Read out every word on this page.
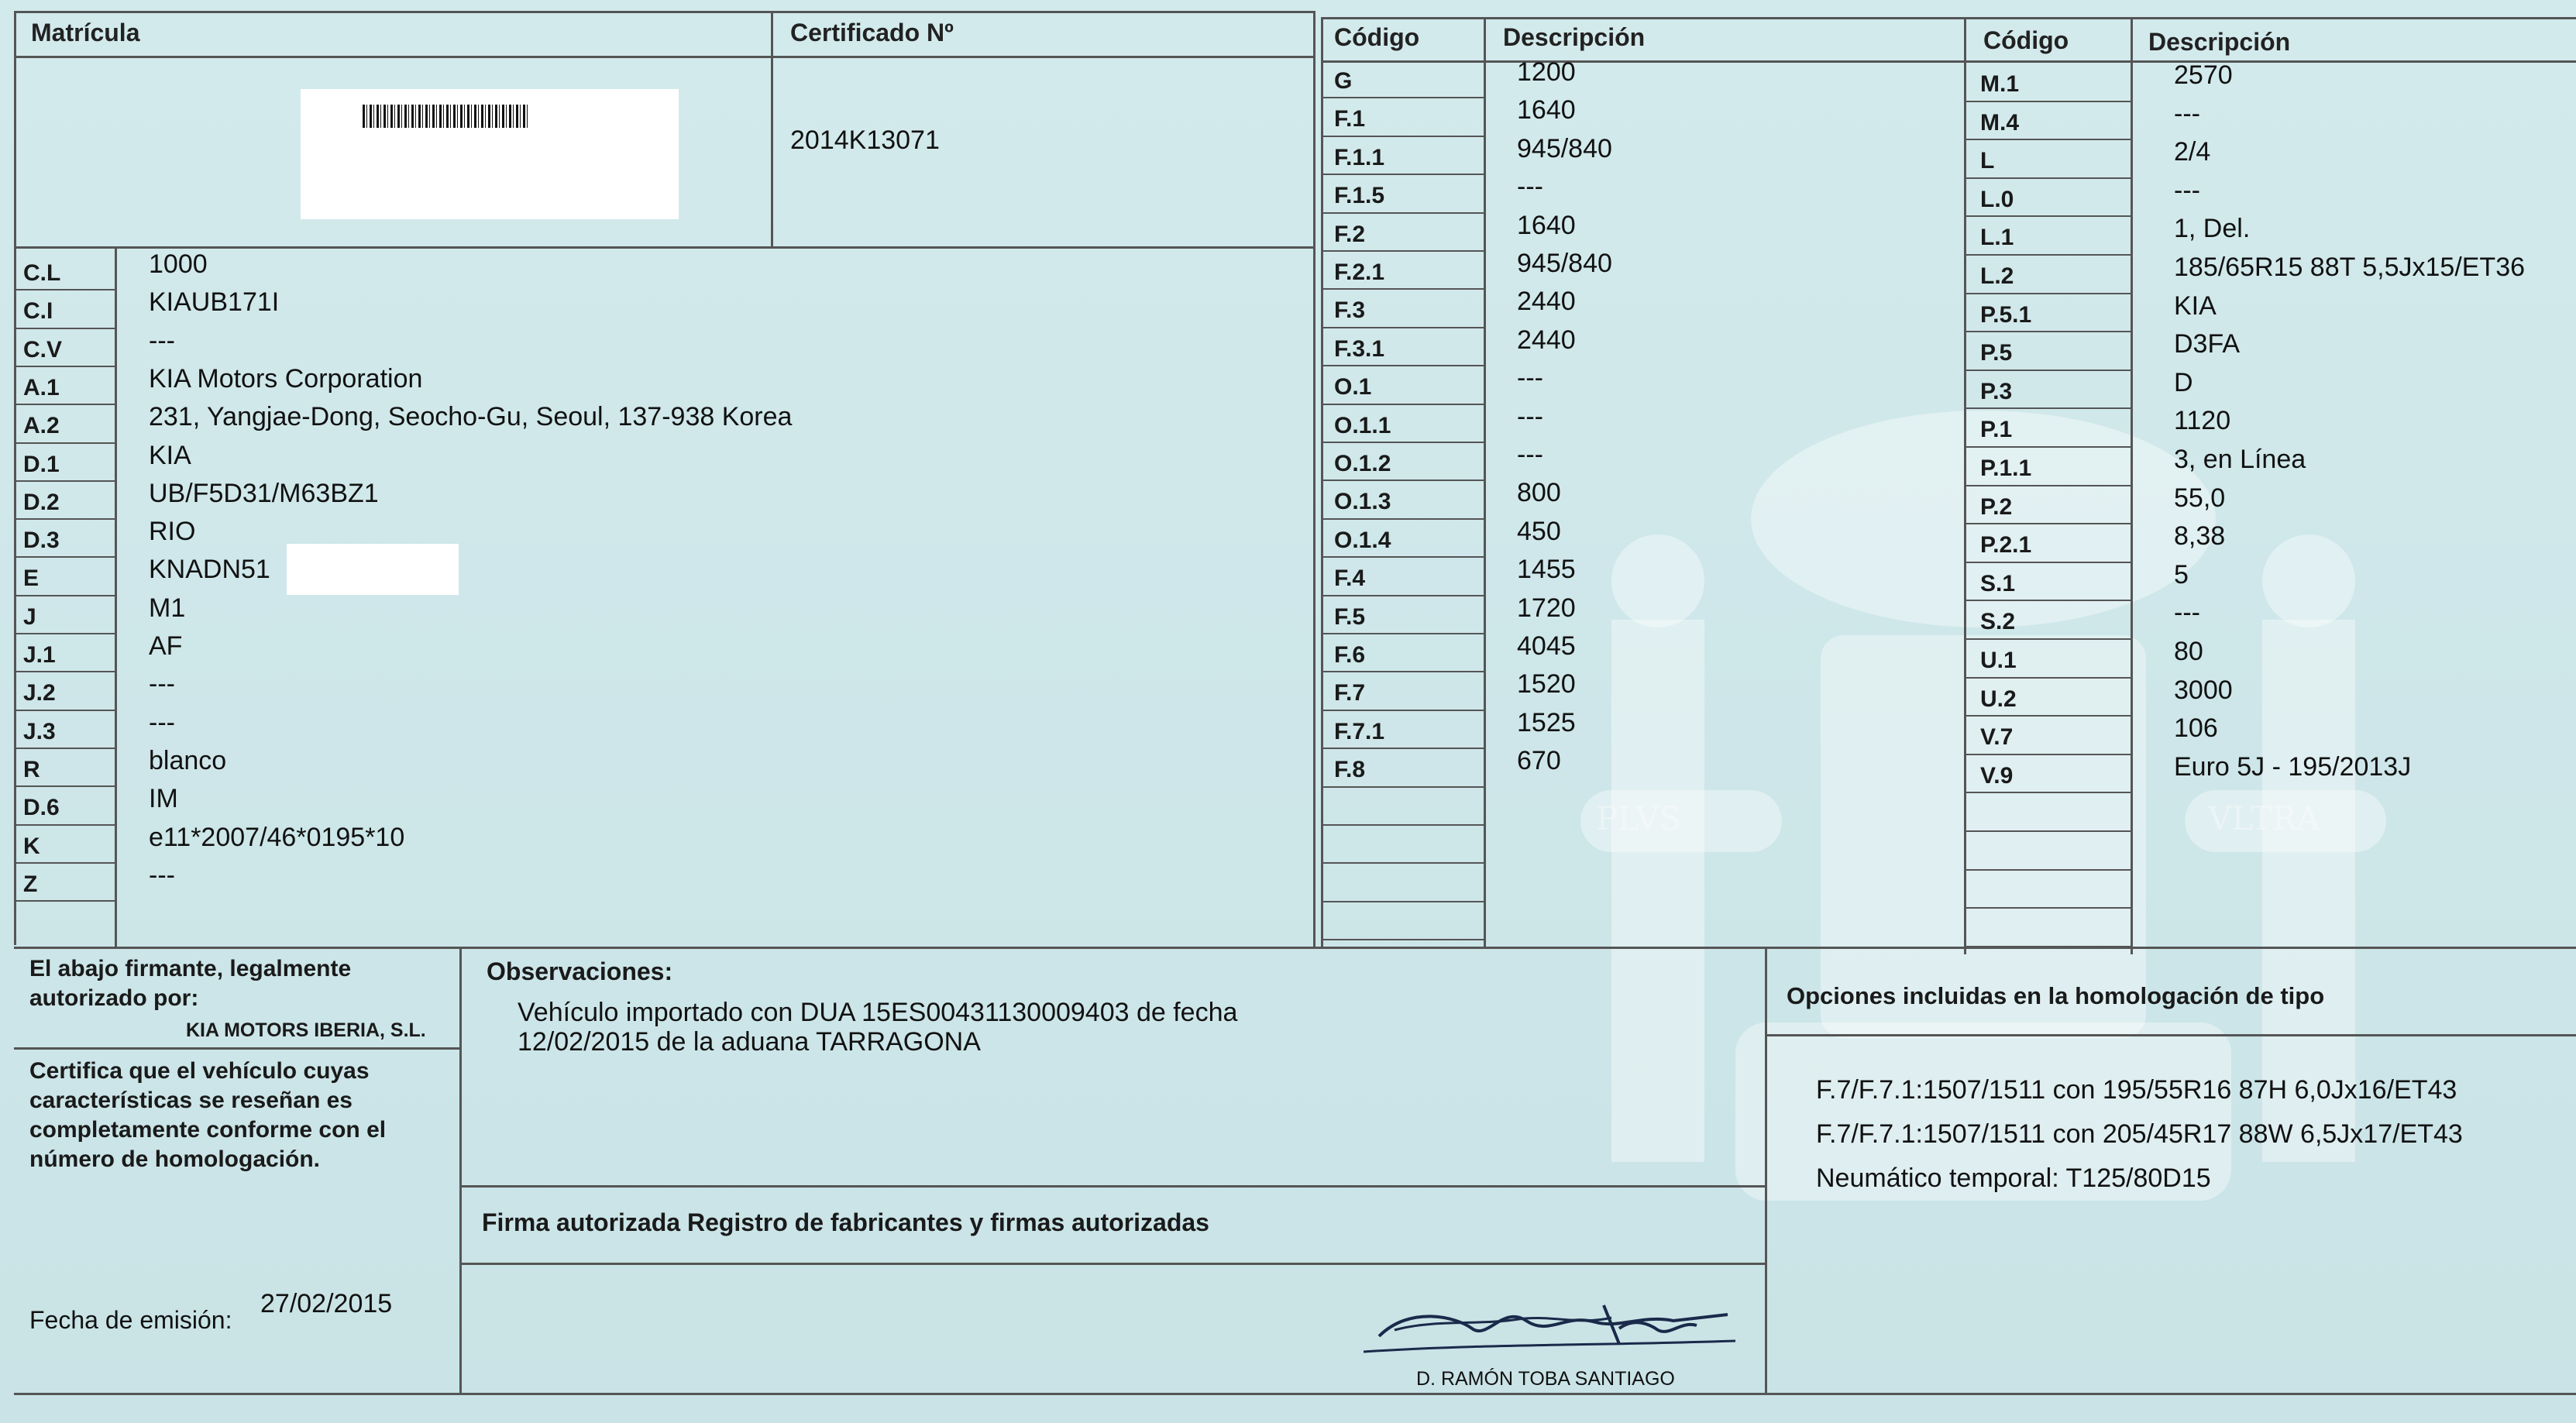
PLVS	VLTRA
Matrícula	Certificado Nº	Código	Descripción	Código	Descripción
2014K13071
C.L	1000
C.I	KIAUB171I
C.V	---
A.1	KIA Motors Corporation
A.2	231, Yangjae-Dong, Seocho-Gu, Seoul, 137-938 Korea
D.1	KIA
D.2	UB/F5D31/M63BZ1
D.3	RIO
E	KNADN51
J	M1
J.1	AF
J.2	---
J.3	---
R	blanco
D.6	IM
K	e11*2007/46*0195*10
Z	---
G	1200
F.1	1640
F.1.1	945/840
F.1.5	---
F.2	1640
F.2.1	945/840
F.3	2440
F.3.1	2440
O.1	---
O.1.1	---
O.1.2	---
O.1.3	800
O.1.4	450
F.4	1455
F.5	1720
F.6	4045
F.7	1520
F.7.1	1525
F.8	670
M.1	2570
M.4	---
L	2/4
L.0	---
L.1	1, Del.
L.2	185/65R15 88T 5,5Jx15/ET36
P.5.1	KIA
P.5	D3FA
P.3	D
P.1	1120
P.1.1	3, en Línea
P.2	55,0
P.2.1	8,38
S.1	5
S.2	---
U.1	80
U.2	3000
V.7	106
V.9	Euro 5J - 195/2013J
El abajo firmante, legalmente
autorizado por:
KIA MOTORS IBERIA, S.L.
Certifica que el vehículo cuyas
características se reseñan es
completamente conforme con el
número de homologación.
Fecha de emisión:
27/02/2015
Observaciones:
Vehículo importado con DUA 15ES00431130009403 de fecha
12/02/2015 de la aduana TARRAGONA
Firma autorizada Registro de fabricantes y firmas autorizadas
D. RAMÓN TOBA SANTIAGO
Opciones incluidas en la homologación de tipo
F.7/F.7.1:1507/1511 con 195/55R16 87H 6,0Jx16/ET43
F.7/F.7.1:1507/1511 con 205/45R17 88W 6,5Jx17/ET43
Neumático temporal: T125/80D15
